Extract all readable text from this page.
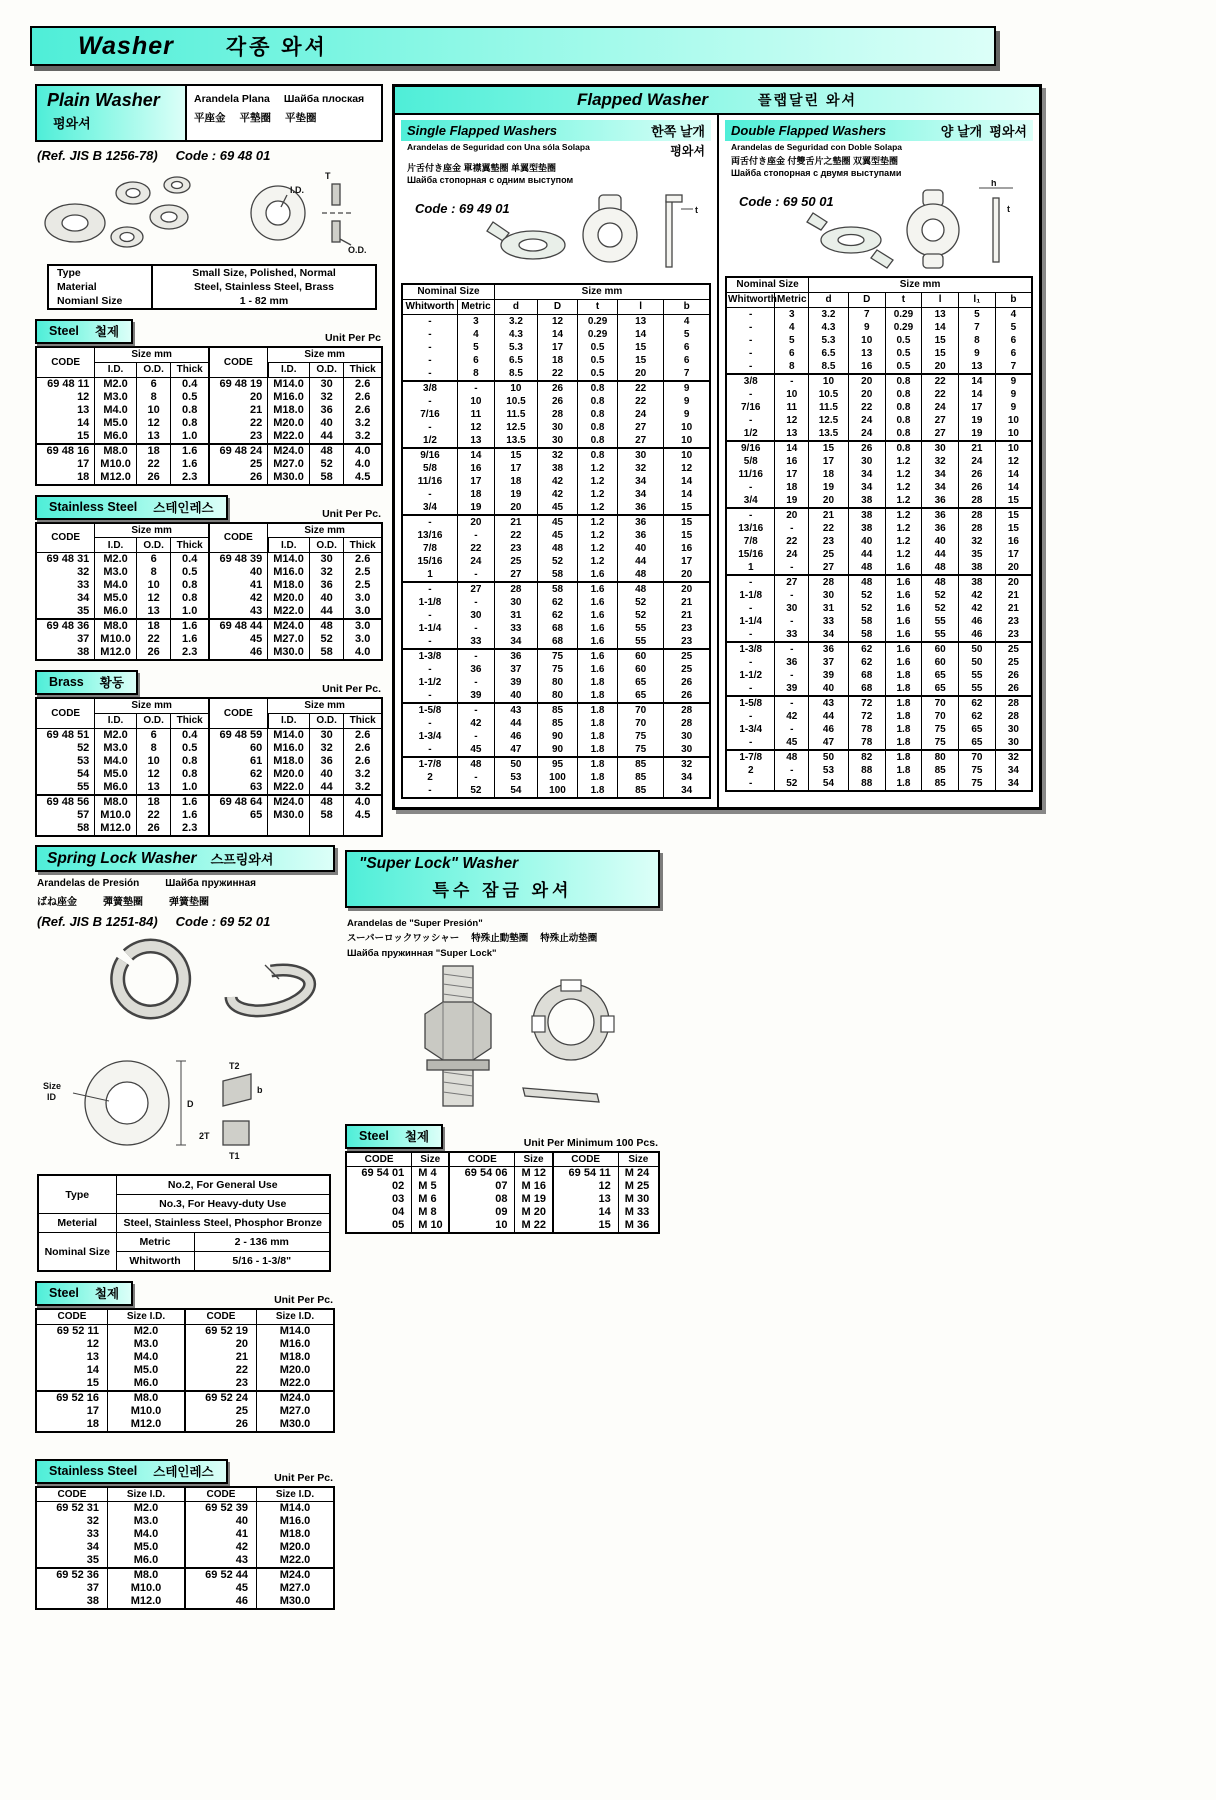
Washer 각종 와셔
Plain Washer
평와셔
Arandela Plana Шайба плоская
平座金 平墊圈 平垫圈
(Ref. JIS B 1256-78) Code : 69 48 01
T
I.D.
O.D.
Type	Small Size, Polished, Normal
Material	Steel, Stainless Steel, Brass
Nomianl Size	1 - 82 mm
Steel 철제	Unit Per Pc
CODE	Size mm			CODE	Size mm		
	I.D.	O.D.	Thick		I.D.	O.D.	Thick
69 48 11	M2.0	6	0.4	69 48 19	M14.0	30	2.6
12	M3.0	8	0.5	20	M16.0	32	2.6
13	M4.0	10	0.8	21	M18.0	36	2.6
14	M5.0	12	0.8	22	M20.0	40	3.2
15	M6.0	13	1.0	23	M22.0	44	3.2
69 48 16	M8.0	18	1.6	69 48 24	M24.0	48	4.0
17	M10.0	22	1.6	25	M27.0	52	4.0
18	M12.0	26	2.3	26	M30.0	58	4.5
Stainless Steel 스테인레스	Unit Per Pc.
CODE	Size mm			CODE	Size mm		
	I.D.	O.D.	Thick		I.D.	O.D.	Thick
69 48 31	M2.0	6	0.4	69 48 39	M14.0	30	2.6
32	M3.0	8	0.5	40	M16.0	32	2.5
33	M4.0	10	0.8	41	M18.0	36	2.5
34	M5.0	12	0.8	42	M20.0	40	3.0
35	M6.0	13	1.0	43	M22.0	44	3.0
69 48 36	M8.0	18	1.6	69 48 44	M24.0	48	3.0
37	M10.0	22	1.6	45	M27.0	52	3.0
38	M12.0	26	2.3	46	M30.0	58	4.0
Brass 황동	Unit Per Pc.
CODE	Size mm			CODE	Size mm		
	I.D.	O.D.	Thick		I.D.	O.D.	Thick
69 48 51	M2.0	6	0.4	69 48 59	M14.0	30	2.6
52	M3.0	8	0.5	60	M16.0	32	2.6
53	M4.0	10	0.8	61	M18.0	36	2.6
54	M5.0	12	0.8	62	M20.0	40	3.2
55	M6.0	13	1.0	63	M22.0	44	3.2
69 48 56	M8.0	18	1.6	69 48 64	M24.0	48	4.0
57	M10.0	22	1.6	65	M30.0	58	4.5
58	M12.0	26	2.3				
Flapped Washer	플랩달린 와셔
Single Flapped Washers	한쪽 날개
Arandelas de Seguridad con Una sóla Solapa	평와셔
片舌付き座金 單襟翼墊圈 单翼型垫圈
Шайба стопорная с одним выступом
Code : 69 49 01	t
Nominal Size		Size mm				
Whitworth	Metric	d	D	t	l	b
-	3	3.2	12	0.29	13	4
-	4	4.3	14	0.29	14	5
-	5	5.3	17	0.5	15	6
-	6	6.5	18	0.5	15	6
-	8	8.5	22	0.5	20	7
3/8	-	10	26	0.8	22	9
-	10	10.5	26	0.8	22	9
7/16	11	11.5	28	0.8	24	9
-	12	12.5	30	0.8	27	10
1/2	13	13.5	30	0.8	27	10
9/16	14	15	32	0.8	30	10
5/8	16	17	38	1.2	32	12
11/16	17	18	42	1.2	34	14
-	18	19	42	1.2	34	14
3/4	19	20	45	1.2	36	15
-	20	21	45	1.2	36	15
13/16	-	22	45	1.2	36	15
7/8	22	23	48	1.2	40	16
15/16	24	25	52	1.2	44	17
1	-	27	58	1.6	48	20
-	27	28	58	1.6	48	20
1-1/8	-	30	62	1.6	52	21
-	30	31	62	1.6	52	21
1-1/4	-	33	68	1.6	55	23
-	33	34	68	1.6	55	23
1-3/8	-	36	75	1.6	60	25
-	36	37	75	1.6	60	25
1-1/2	-	39	80	1.8	65	26
-	39	40	80	1.8	65	26
1-5/8	-	43	85	1.8	70	28
-	42	44	85	1.8	70	28
1-3/4	-	46	90	1.8	75	30
-	45	47	90	1.8	75	30
1-7/8	48	50	95	1.8	85	32
2	-	53	100	1.8	85	34
-	52	54	100	1.8	85	34
Double Flapped Washers	양 날개 평와셔
Arandelas de Seguridad con Doble Solapa
両舌付き座金 付雙舌片之墊圈 双翼型垫圈
Шайба стопорная с двумя выступами
Code : 69 50 01
h
t
Nominal Size		Size mm					
Whitworth	Metric	d	D	t	l	l₁	b
-	3	3.2	7	0.29	13	5	4
-	4	4.3	9	0.29	14	7	5
-	5	5.3	10	0.5	15	8	6
-	6	6.5	13	0.5	15	9	6
-	8	8.5	16	0.5	20	13	7
3/8	-	10	20	0.8	22	14	9
-	10	10.5	20	0.8	22	14	9
7/16	11	11.5	22	0.8	24	17	9
-	12	12.5	24	0.8	27	19	10
1/2	13	13.5	24	0.8	27	19	10
9/16	14	15	26	0.8	30	21	10
5/8	16	17	30	1.2	32	24	12
11/16	17	18	34	1.2	34	26	14
-	18	19	34	1.2	34	26	14
3/4	19	20	38	1.2	36	28	15
-	20	21	38	1.2	36	28	15
13/16	-	22	38	1.2	36	28	15
7/8	22	23	40	1.2	40	32	16
15/16	24	25	44	1.2	44	35	17
1	-	27	48	1.6	48	38	20
-	27	28	48	1.6	48	38	20
1-1/8	-	30	52	1.6	52	42	21
-	30	31	52	1.6	52	42	21
1-1/4	-	33	58	1.6	55	46	23
-	33	34	58	1.6	55	46	23
1-3/8	-	36	62	1.6	60	50	25
-	36	37	62	1.6	60	50	25
1-1/2	-	39	68	1.8	65	55	26
-	39	40	68	1.8	65	55	26
1-5/8	-	43	72	1.8	70	62	28
-	42	44	72	1.8	70	62	28
1-3/4	-	46	78	1.8	75	65	30
-	45	47	78	1.8	75	65	30
1-7/8	48	50	82	1.8	80	70	32
2	-	53	88	1.8	85	75	34
-	52	54	88	1.8	85	75	34
Spring Lock Washer 스프링와셔
Arandelas de Presión	Шайба пружинная
ばね座金	彈簧墊圈	弹簧垫圈
(Ref. JIS B 1251-84) Code : 69 52 01
Size
ID
D
T2
b
2T
T1
Type	No.2, For General Use	
	No.3, For Heavy-duty Use	
Meterial	Steel, Stainless Steel, Phosphor Bronze	
Nominal Size	Metric	2 - 136 mm
	Whitworth	5/16 - 1-3/8"
Steel 철제	Unit Per Pc.
CODE	Size I.D.	CODE	Size I.D.
69 52 11	M2.0	69 52 19	M14.0
12	M3.0	20	M16.0
13	M4.0	21	M18.0
14	M5.0	22	M20.0
15	M6.0	23	M22.0
69 52 16	M8.0	69 52 24	M24.0
17	M10.0	25	M27.0
18	M12.0	26	M30.0
Stainless Steel 스테인레스	Unit Per Pc.
CODE	Size I.D.	CODE	Size I.D.
69 52 31	M2.0	69 52 39	M14.0
32	M3.0	40	M16.0
33	M4.0	41	M18.0
34	M5.0	42	M20.0
35	M6.0	43	M22.0
69 52 36	M8.0	69 52 44	M24.0
37	M10.0	45	M27.0
38	M12.0	46	M30.0
"Super Lock" Washer
특수 잠금 와셔
Arandelas de "Super Presión"
スーパーロックワッシャー 特殊止動墊圈 特殊止动垫圈
Шайба пружинная "Super Lock"
Steel 철제	Unit Per Minimum 100 Pcs.
CODE	Size	CODE	Size	CODE	Size
69 54 01	M 4	69 54 06	M 12	69 54 11	M 24
02	M 5	07	M 16	12	M 25
03	M 6	08	M 19	13	M 30
04	M 8	09	M 20	14	M 33
05	M 10	10	M 22	15	M 36
